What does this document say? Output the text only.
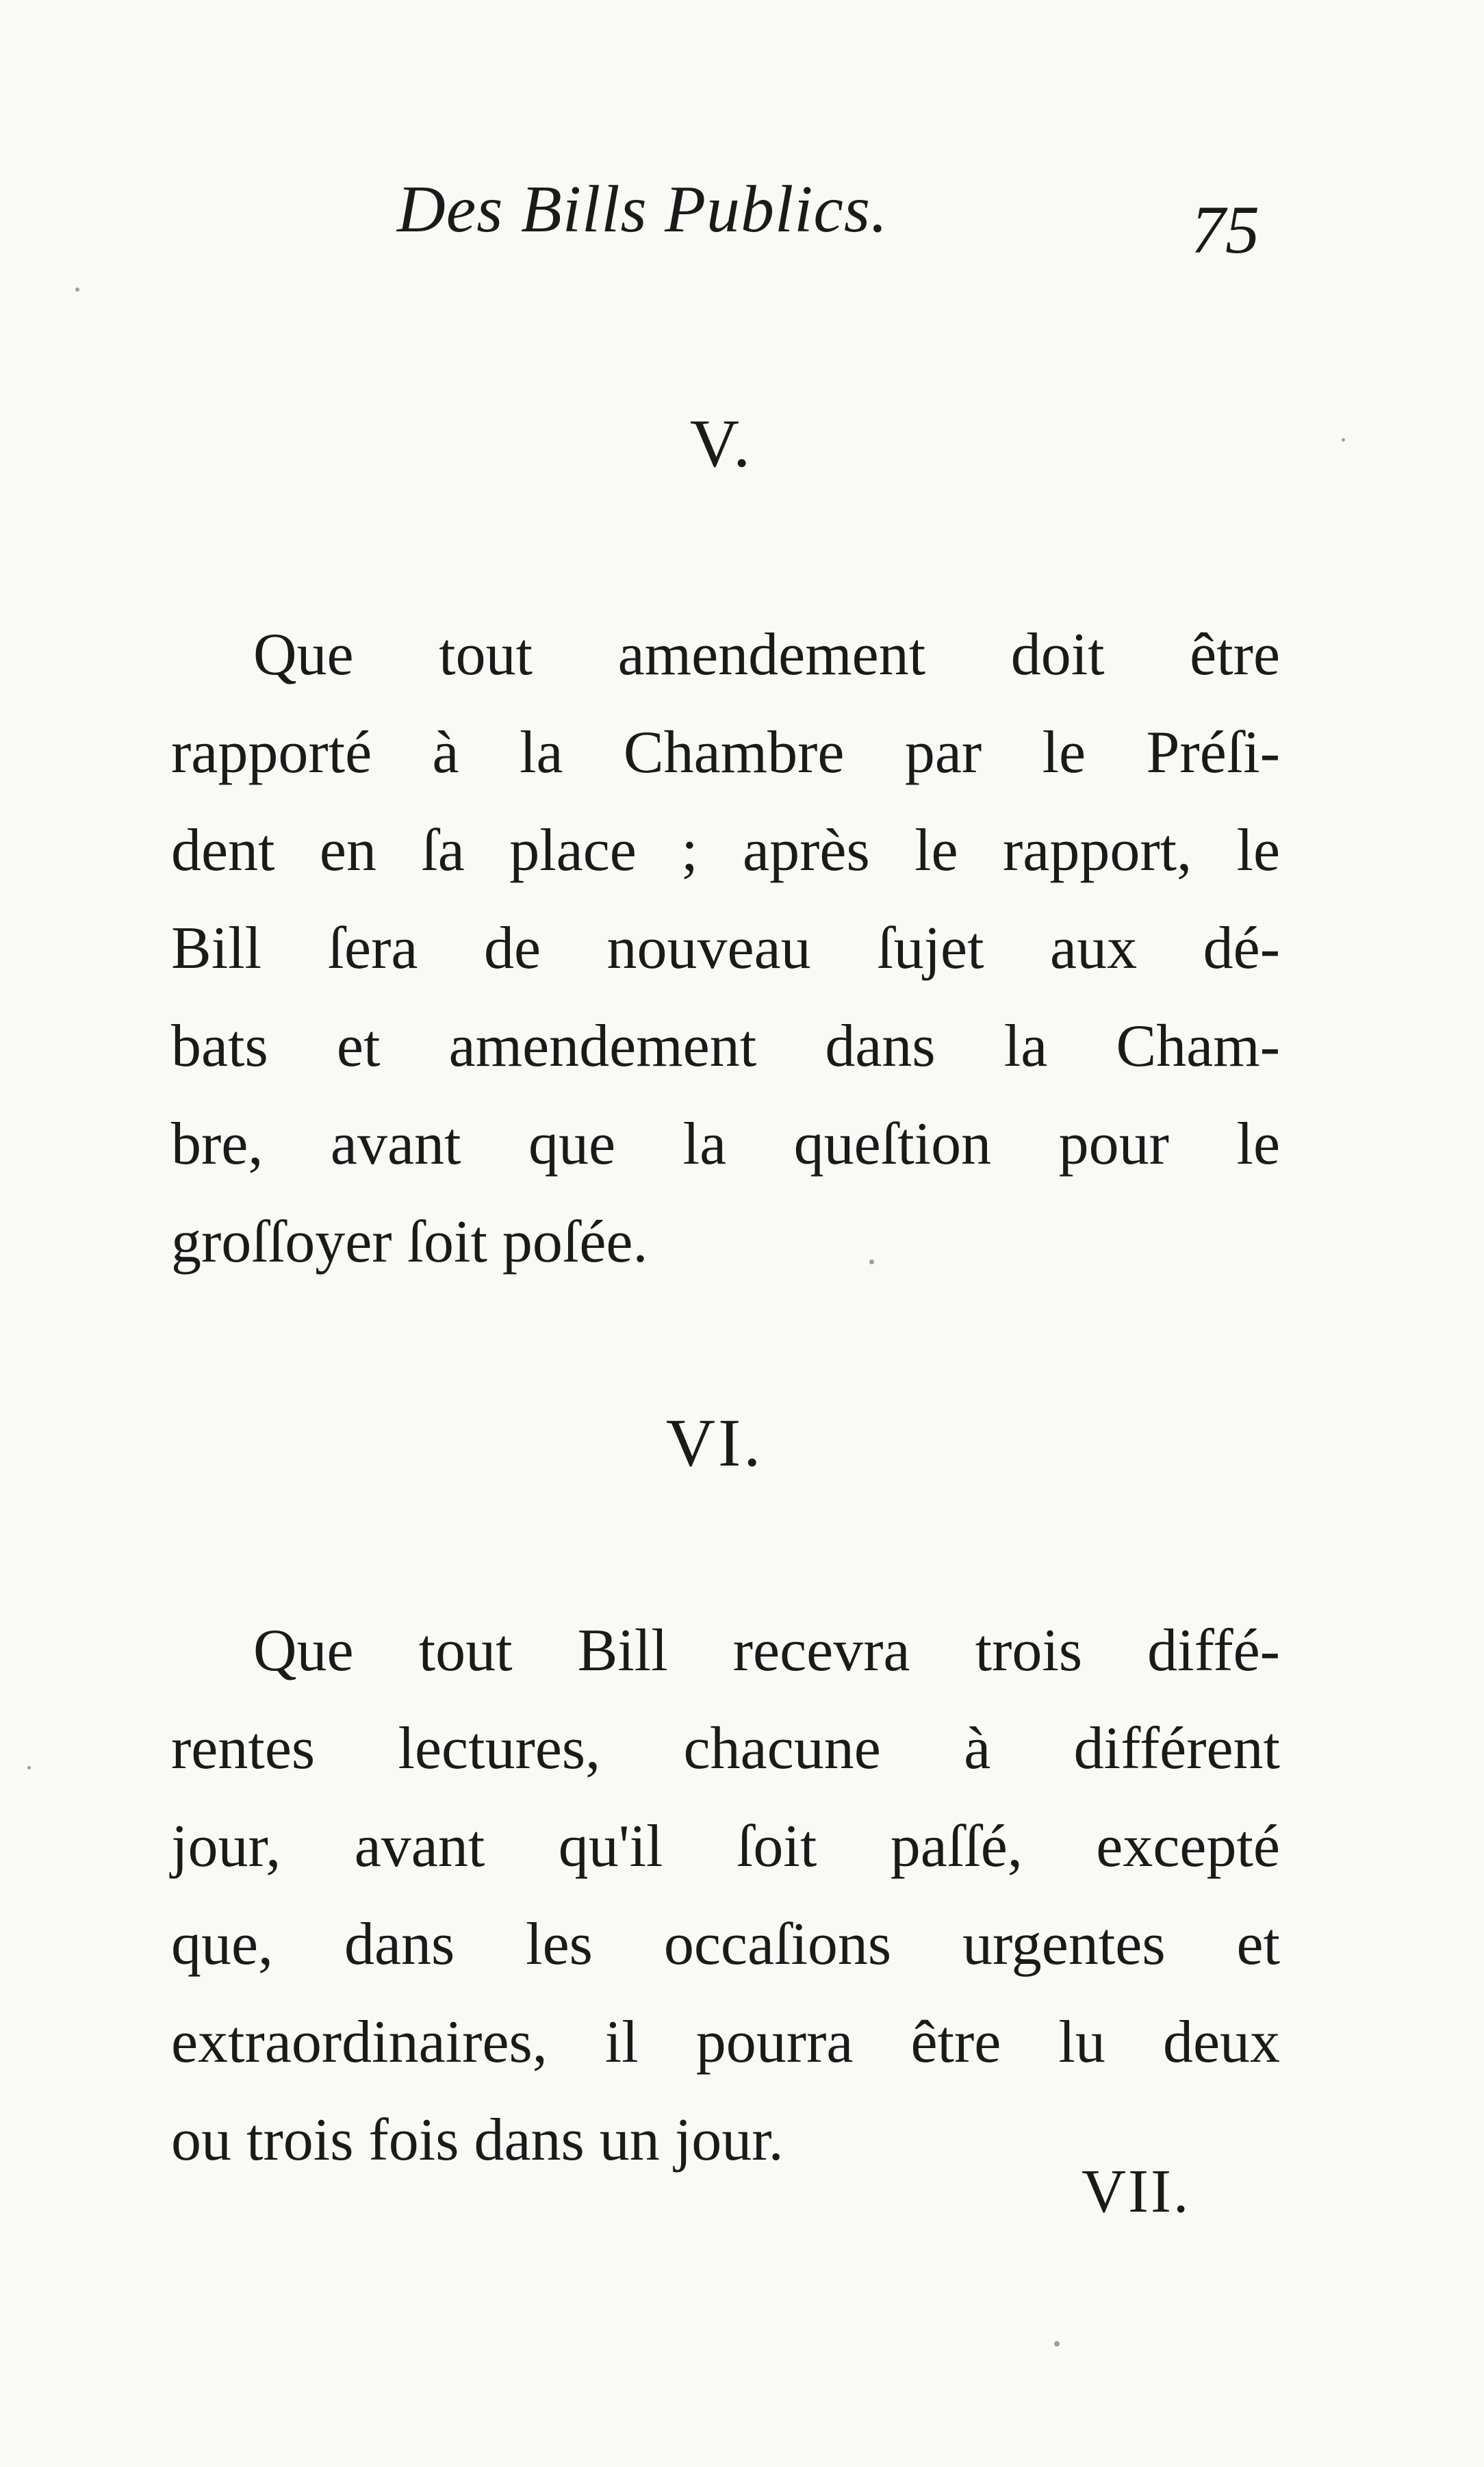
Des Bills Publics.	75
V.
Que tout amendement doit être
rapporté à la Chambre par le Préſi-
dent en ſa place ; après le rapport, le
Bill ſera de nouveau ſujet aux dé-
bats et amendement dans la Cham-
bre, avant que la queſtion pour le
groſſoyer ſoit poſée.
VI.
Que tout Bill recevra trois diffé-
rentes lectures, chacune à différent
jour, avant qu'il ſoit paſſé, excepté
que, dans les occaſions urgentes et
extraordinaires, il pourra être lu deux
ou trois fois dans un jour.
VII.
